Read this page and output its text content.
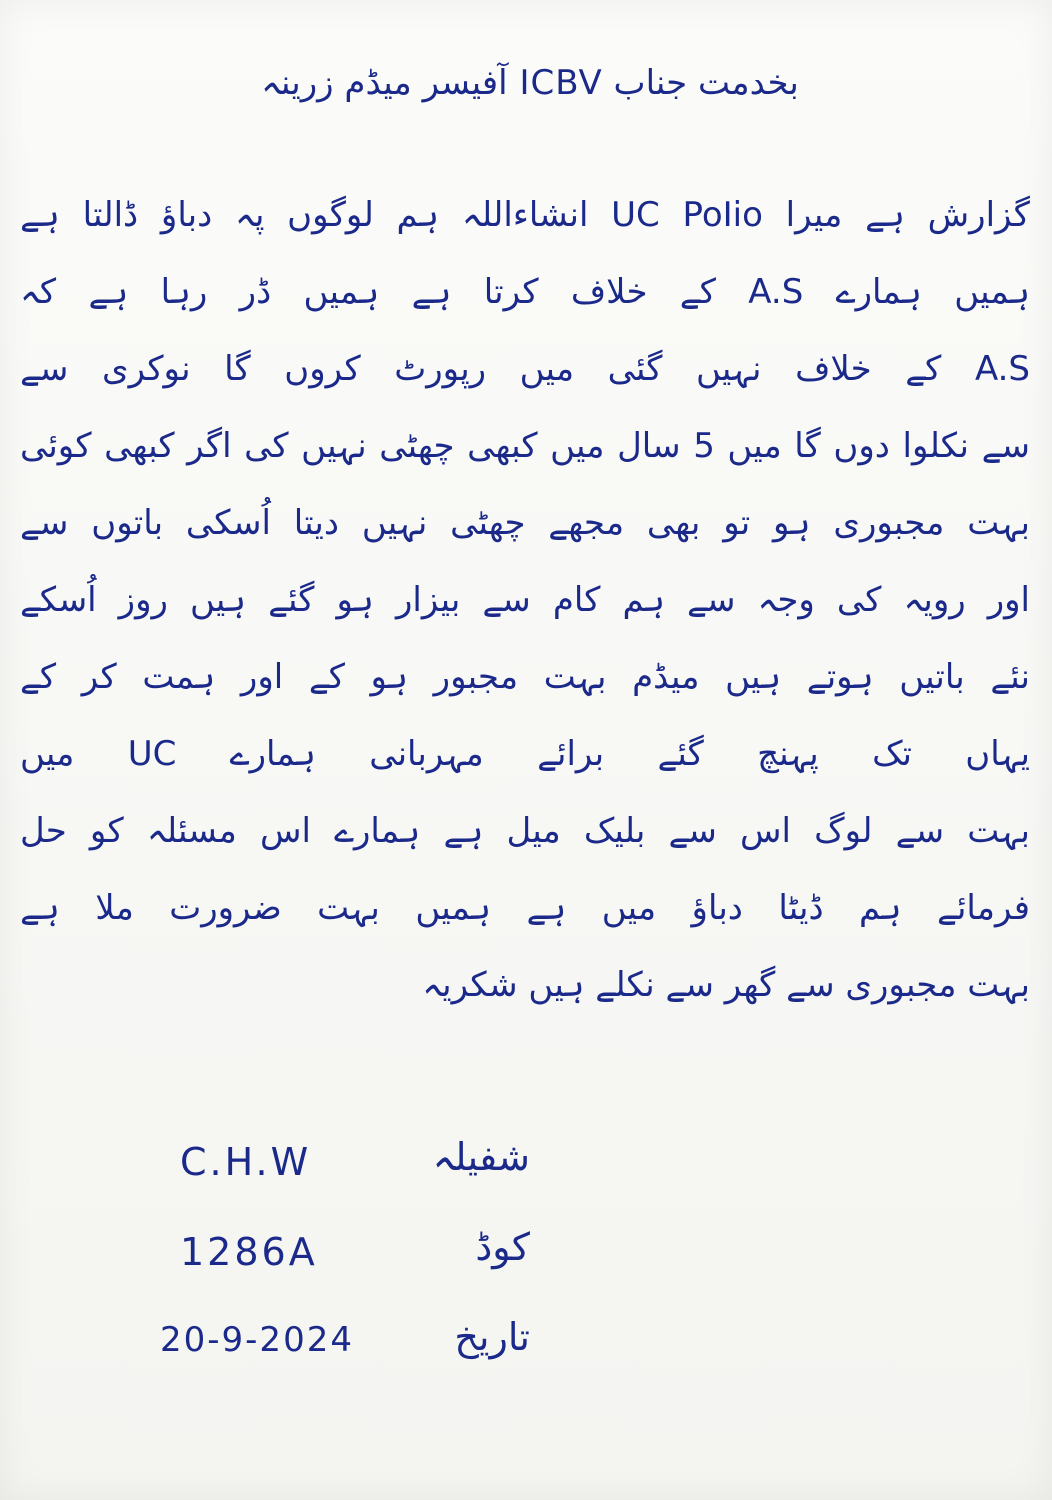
بخدمت جناب ICBV آفیسر میڈم زرینہ
گزارش ہے میرا UC PoIio انشاءاللہ ہم لوگوں پہ دباؤ ڈالتا ہے
ہمیں ہمارے A.S کے خلاف کرتا ہے ہمیں ڈر رہا ہے کہ
A.S کے خلاف نہیں گئی میں رپورٹ کروں گا نوکری سے
سے نکلوا دوں گا میں 5 سال میں کبھی چھٹی نہیں کی اگر کبھی کوئی
بہت مجبوری ہو تو بھی مجھے چھٹی نہیں دیتا اُسکی باتوں سے
اور رویہ کی وجہ سے ہم کام سے بیزار ہو گئے ہیں روز اُسکے
نئے باتیں ہوتے ہیں میڈم بہت مجبور ہو کے اور ہمت کر کے
یہاں تک پہنچ گئے برائے مہربانی ہمارے UC میں
بہت سے لوگ اس سے بلیک میل ہے ہمارے اس مسئلہ کو حل
فرمائے ہم ڈیٹا دباؤ میں ہے ہمیں بہت ضرورت ملا ہے
بہت مجبوری سے گھر سے نکلے ہیں شکریہ
C.H.W	شفیلہ
1286A	کوڈ
20-9-2024	تاریخ
